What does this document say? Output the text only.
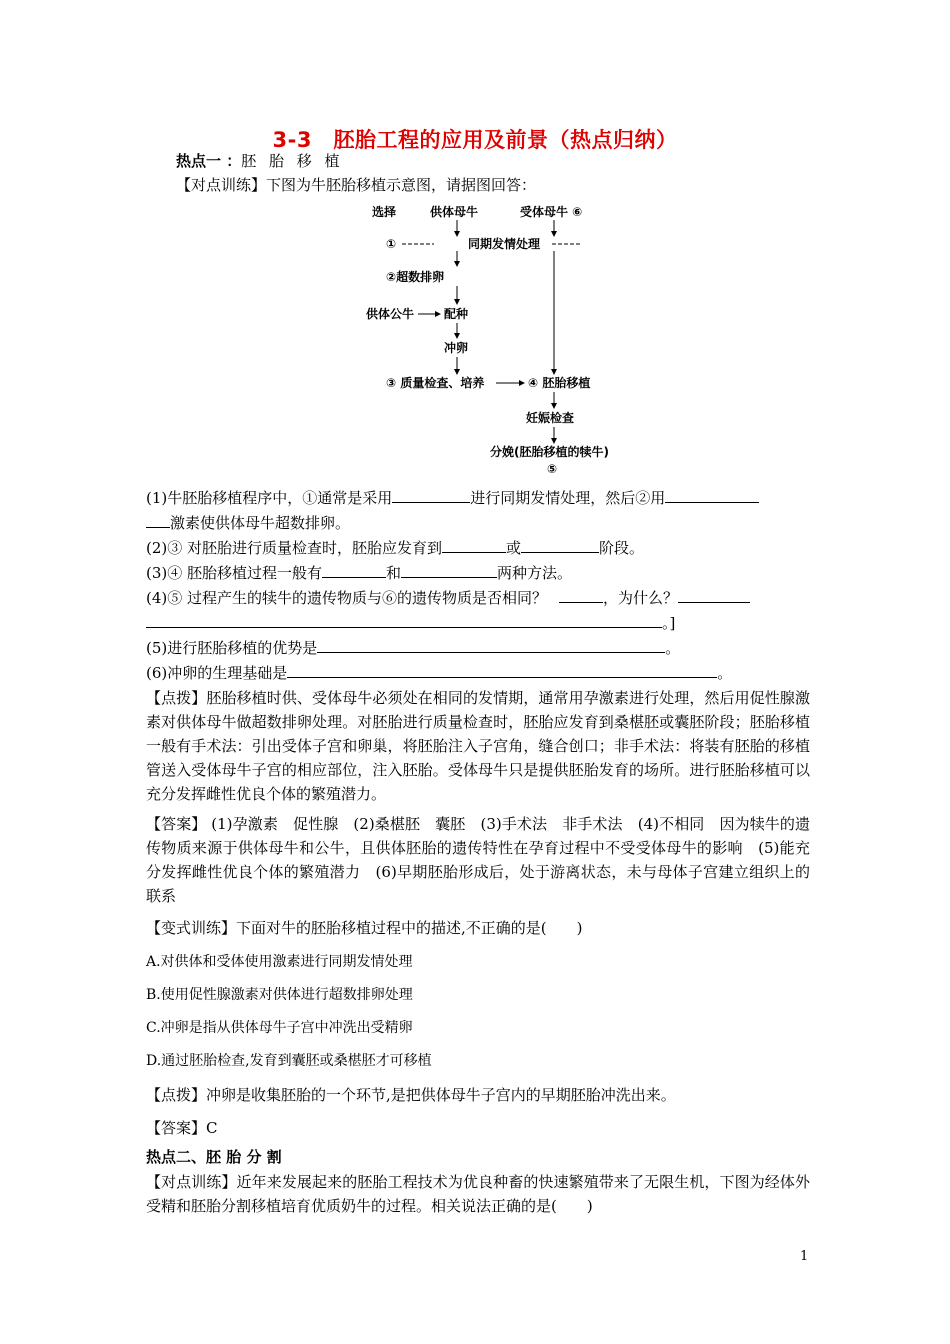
3-3　胚胎工程的应用及前景（热点归纳）
热点一 ：胚 胎 移 植
【对点训练】下图为牛胚胎移植示意图，请据图回答：
选择	供体母牛	受体母牛 ⑥
①	同期发情处理
②超数排卵
供体公牛 配种
冲卵
③ 质量检查、培养	④ 胚胎移植
妊娠检查
分娩(胚胎移植的犊牛)
⑤
(1)牛胚胎移植程序中，①通常是采用	进行同期发情处理，然后②用
激素使供体母牛超数排卵。
(2)③ 对胚胎进行质量检查时，胚胎应发育到	或	阶段。
(3)④ 胚胎移植过程一般有	和	两种方法。
(4)⑤ 过程产生的犊牛的遗传物质与⑥的遗传物质是否相同？	，为什么？
。]
(5)进行胚胎移植的优势是	。
(6)冲卵的生理基础是	。
【点拨】胚胎移植时供、受体母牛必须处在相同的发情期，通常用孕激素进行处理，然后用促性腺激素对供体母牛做超数排卵处理。对胚胎进行质量检查时，胚胎应发育到桑椹胚或囊胚阶段；胚胎移植一般有手术法：引出受体子宫和卵巢，将胚胎注入子宫角，缝合创口；非手术法：将装有胚胎的移植管送入受体母牛子宫的相应部位，注入胚胎。受体母牛只是提供胚胎发育的场所。进行胚胎移植可以充分发挥雌性优良个体的繁殖潜力。
【答案】 (1)孕激素　促性腺　(2)桑椹胚　囊胚　(3)手术法　非手术法　(4)不相同　因为犊牛的遗传物质来源于供体母牛和公牛，且供体胚胎的遗传特性在孕育过程中不受受体母牛的影响　(5)能充分发挥雌性优良个体的繁殖潜力　(6)早期胚胎形成后，处于游离状态，未与母体子宫建立组织上的联系
【变式训练】下面对牛的胚胎移植过程中的描述,不正确的是(　　)
A.对供体和受体使用激素进行同期发情处理
B.使用促性腺激素对供体进行超数排卵处理
C.冲卵是指从供体母牛子宫中冲洗出受精卵
D.通过胚胎检查,发育到囊胚或桑椹胚才可移植
【点拨】冲卵是收集胚胎的一个环节,是把供体母牛子宫内的早期胚胎冲洗出来。
【答案】C
热点二、胚 胎 分 割
【对点训练】近年来发展起来的胚胎工程技术为优良种畜的快速繁殖带来了无限生机，下图为经体外受精和胚胎分割移植培育优质奶牛的过程。相关说法正确的是(　　)
1
